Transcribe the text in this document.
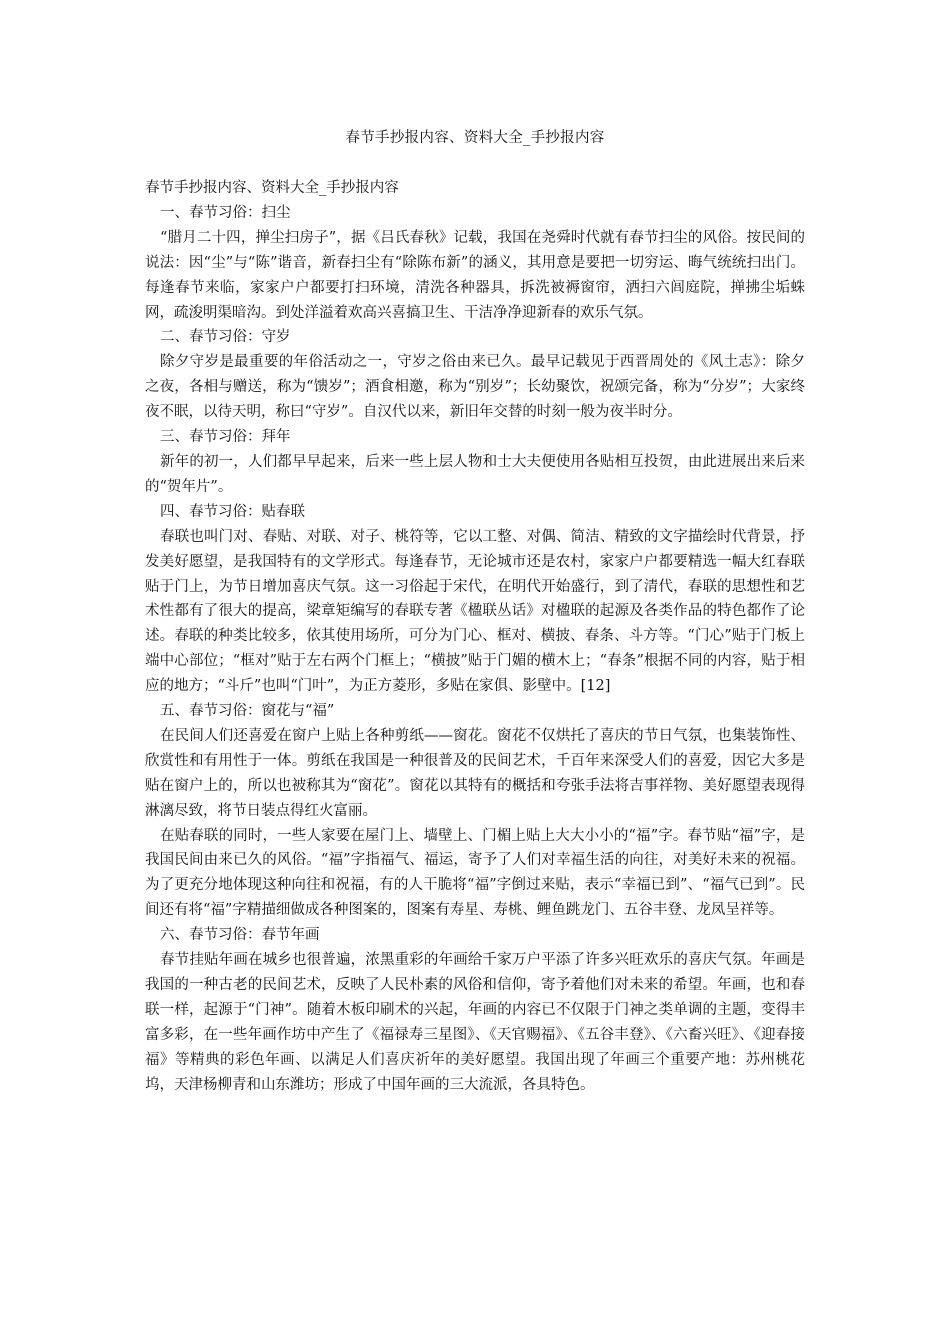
春节手抄报内容、资料大全_手抄报内容

春节手抄报内容、资料大全_手抄报内容

一、春节习俗：扫尘

“腊月二十四，掸尘扫房子”，据《吕氏春秋》记载，我国在尧舜时代就有春节扫尘的风俗。按民间的说法：因“尘”与“陈”谐音，新春扫尘有“除陈布新”的涵义，其用意是要把一切穷运、晦气统统扫出门。每逢春节来临，家家户户都要打扫环境，清洗各种器具，拆洗被褥窗帘，洒扫六闾庭院，掸拂尘垢蛛网，疏浚明渠暗沟。到处洋溢着欢高兴喜搞卫生、干洁净净迎新春的欢乐气氛。

二、春节习俗：守岁

除夕守岁是最重要的年俗活动之一，守岁之俗由来已久。最早记载见于西晋周处的《风土志》：除夕之夜，各相与赠送，称为“馈岁”；酒食相邀，称为“别岁”；长幼聚饮，祝颂完备，称为“分岁”；大家终夜不眠，以待天明，称曰“守岁”。自汉代以来，新旧年交替的时刻一般为夜半时分。

三、春节习俗：拜年

新年的初一，人们都早早起来，后来一些上层人物和士大夫便使用各贴相互投贺，由此进展出来后来的“贺年片”。

四、春节习俗：贴春联

春联也叫门对、春贴、对联、对子、桃符等，它以工整、对偶、简洁、精致的文字描绘时代背景，抒发美好愿望，是我国特有的文学形式。每逢春节，无论城市还是农村，家家户户都要精选一幅大红春联贴于门上，为节日增加喜庆气氛。这一习俗起于宋代，在明代开始盛行，到了清代，春联的思想性和艺术性都有了很大的提高，梁章矩编写的春联专著《楹联丛话》对楹联的起源及各类作品的特色都作了论述。春联的种类比较多，依其使用场所，可分为门心、框对、横披、春条、斗方等。“门心”贴于门板上端中心部位；“框对”贴于左右两个门框上；“横披”贴于门媚的横木上；“春条”根据不同的内容，贴于相应的地方；“斗斤”也叫“门叶”，为正方菱形，多贴在家俱、影壁中。[12]

五、春节习俗：窗花与“福”

在民间人们还喜爱在窗户上贴上各种剪纸——窗花。窗花不仅烘托了喜庆的节日气氛，也集装饰性、欣赏性和有用性于一体。剪纸在我国是一种很普及的民间艺术，千百年来深受人们的喜爱，因它大多是贴在窗户上的，所以也被称其为“窗花”。窗花以其特有的概括和夸张手法将吉事祥物、美好愿望表现得淋漓尽致，将节日装点得红火富丽。

在贴春联的同时，一些人家要在屋门上、墙壁上、门楣上贴上大大小小的“福”字。春节贴“福”字，是我国民间由来已久的风俗。“福”字指福气、福运，寄予了人们对幸福生活的向往，对美好未来的祝福。为了更充分地体现这种向往和祝福，有的人干脆将“福”字倒过来贴，表示“幸福已到”、“福气已到”。民间还有将“福”字精描细做成各种图案的，图案有寿星、寿桃、鲤鱼跳龙门、五谷丰登、龙凤呈祥等。

六、春节习俗：春节年画

春节挂贴年画在城乡也很普遍，浓黑重彩的年画给千家万户平添了许多兴旺欢乐的喜庆气氛。年画是我国的一种古老的民间艺术，反映了人民朴素的风俗和信仰，寄予着他们对未来的希望。年画，也和春联一样，起源于“门神”。随着木板印刷术的兴起，年画的内容已不仅限于门神之类单调的主题，变得丰富多彩，在一些年画作坊中产生了《福禄寿三星图》、《天官赐福》、《五谷丰登》、《六畜兴旺》、《迎春接福》等精典的彩色年画、以满足人们喜庆祈年的美好愿望。我国出现了年画三个重要产地：苏州桃花坞，天津杨柳青和山东潍坊；形成了中国年画的三大流派，各具特色。
